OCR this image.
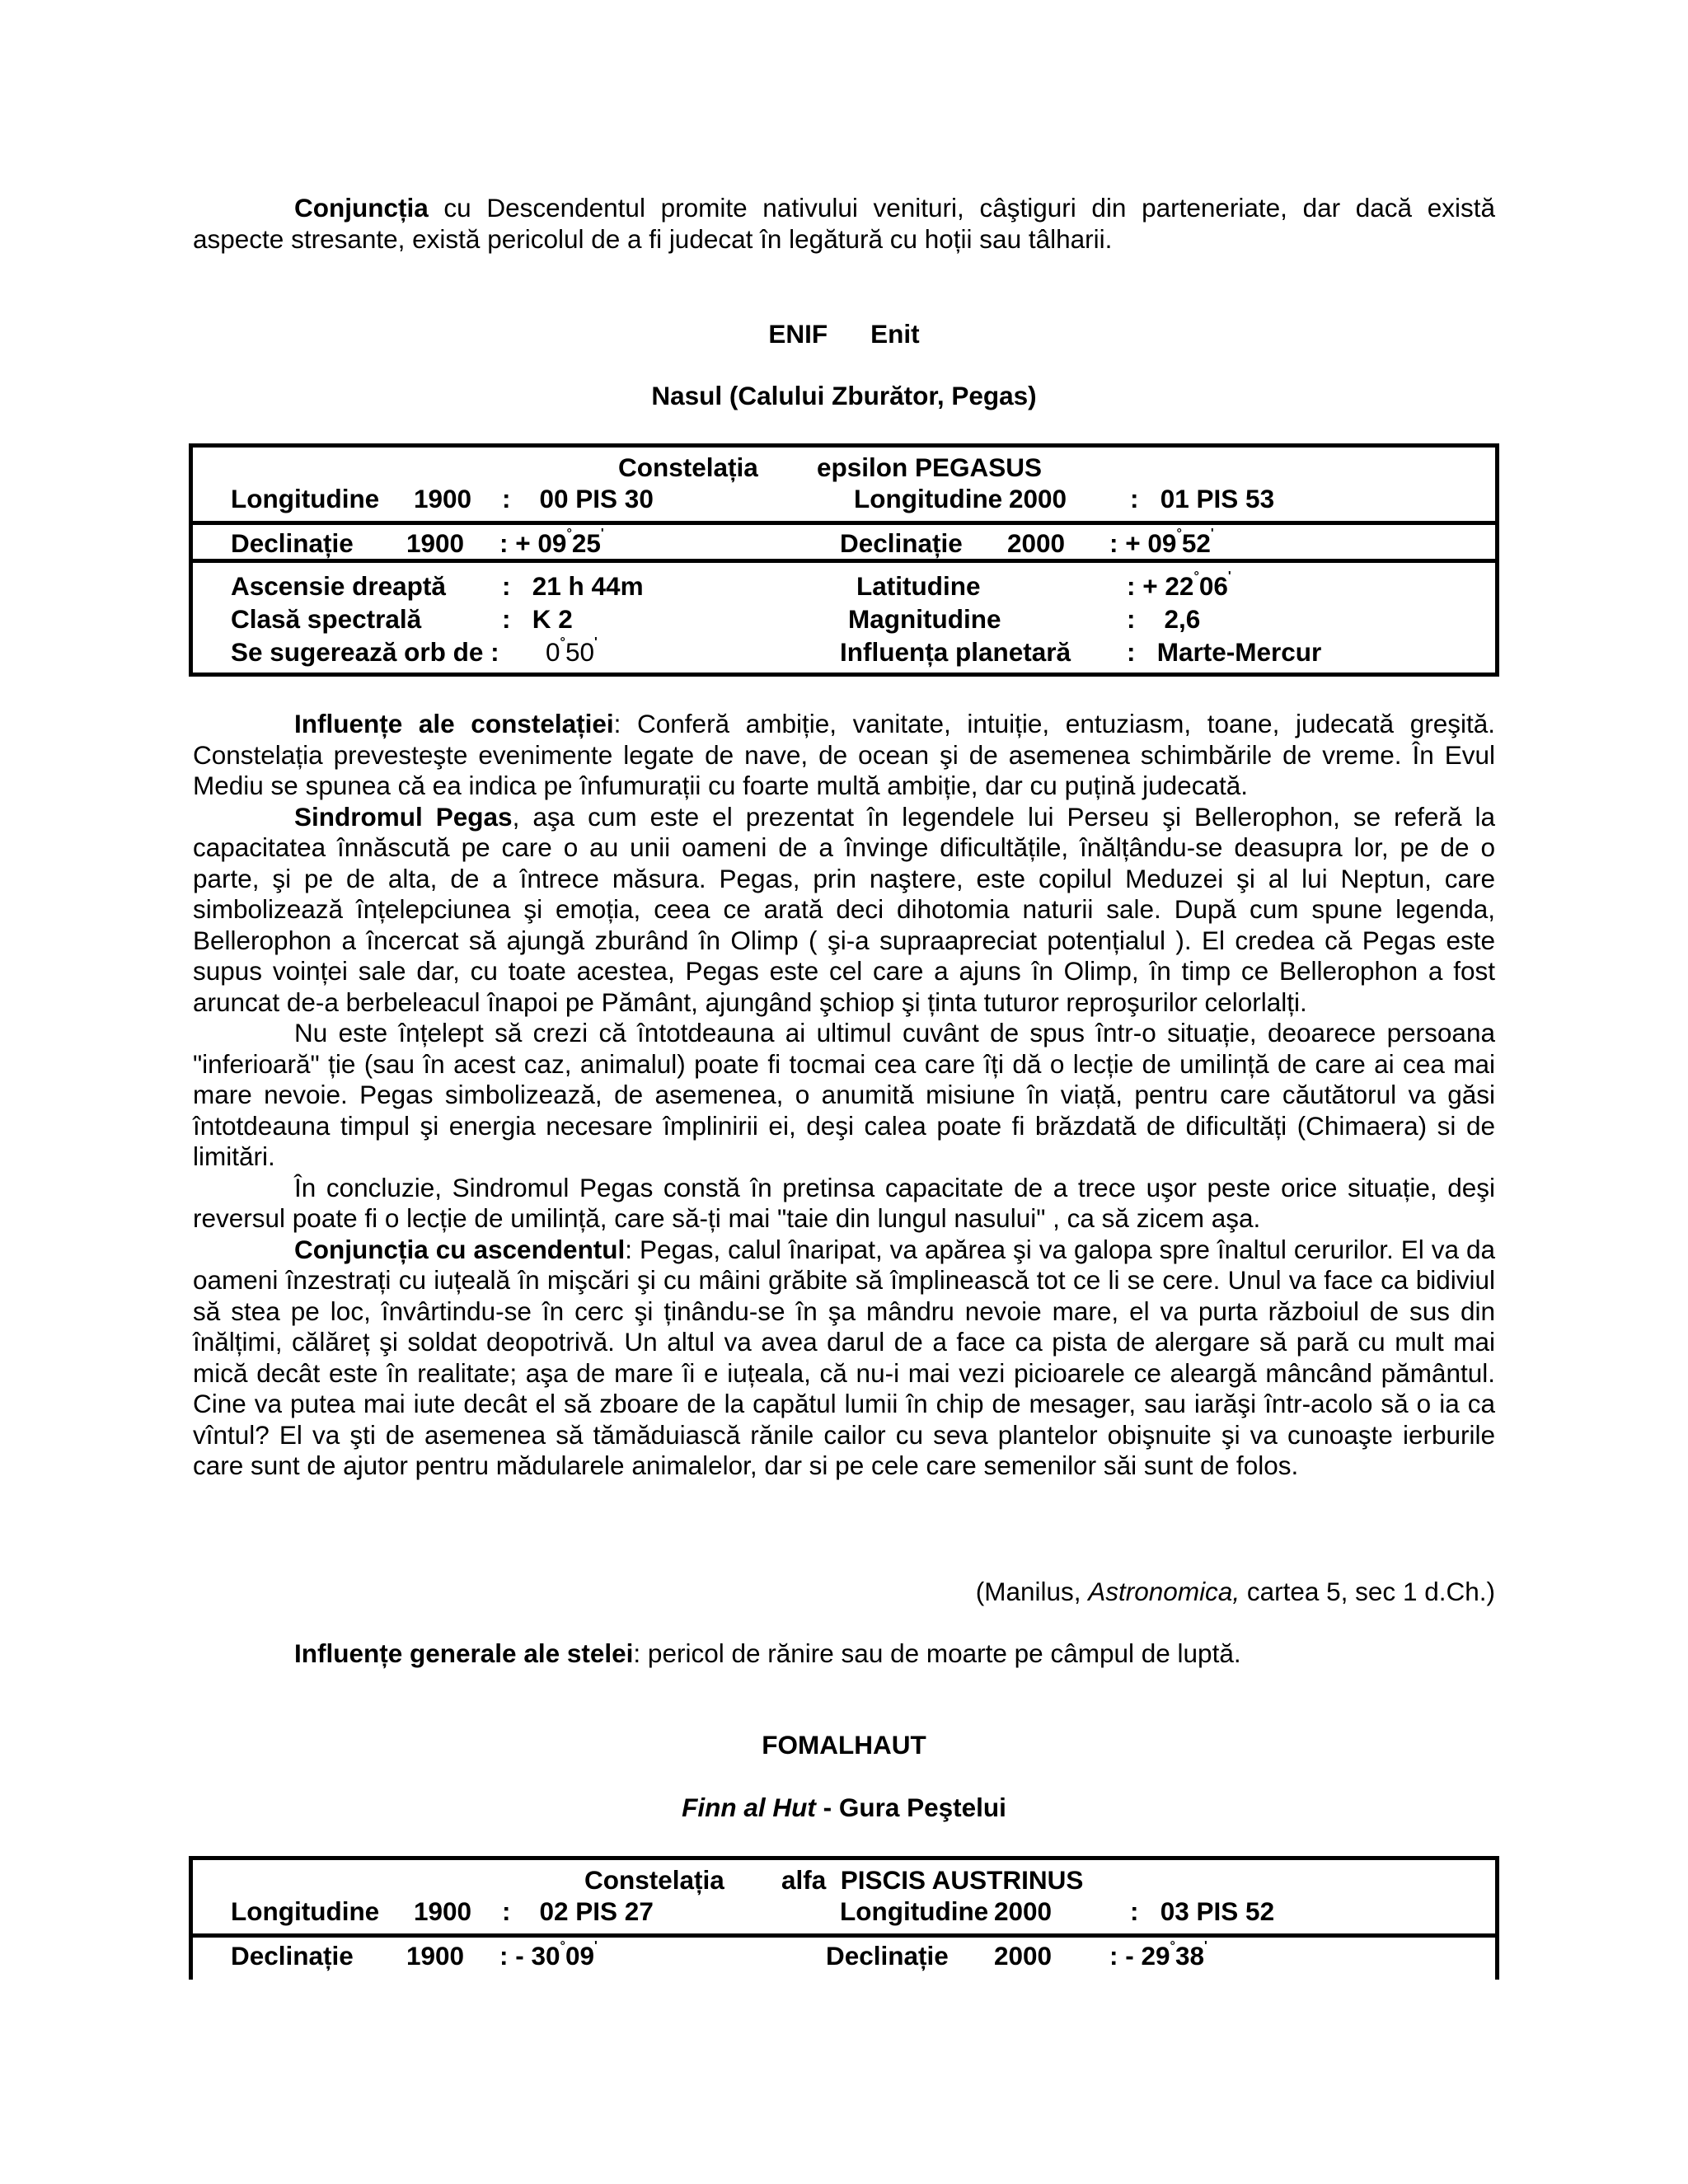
Conjuncția cu Descendentul promite nativului venituri, câştiguri din parteneriate, dar dacă există aspecte stresante, există pericolul de a fi judecat în legătură cu hoții sau tâlharii.

ENIF Enit
Nasul (Calului Zburător, Pegas)
Constelația epsilon PEGASUS
Longitudine 1900 :    00 PIS 30	Longitudine 2000 :   01 PIS 53
Declinație 1900 : + 09°25'	Declinație 2000 : + 09°52'
Ascensie dreaptă :   21 h 44m	Latitudine	: + 22°06'
Clasă spectrală	:   K 2	Magnitudine	:    2,6
Se sugerează orb de : 0°50'	Influența planetară :   Marte-Mercur

Influențe ale constelației: Conferă ambiție, vanitate, intuiție, entuziasm, toane, judecată greşită. Constelația prevesteşte evenimente legate de nave, de ocean şi de asemenea schimbările de vreme. În Evul Mediu se spunea că ea indica pe înfumurații cu foarte multă ambiție, dar cu puțină judecată.

Sindromul Pegas, aşa cum este el prezentat în legendele lui Perseu şi Bellerophon, se referă la capacitatea înnăscută pe care o au unii oameni de a învinge dificultățile, înălțându-se deasupra lor, pe de o parte, şi pe de alta, de a întrece măsura. Pegas, prin naştere, este copilul Meduzei şi al lui Neptun, care simbolizează înțelepciunea şi emoția, ceea ce arată deci dihotomia naturii sale. După cum spune legenda, Bellerophon a încercat să ajungă zburând în Olimp ( şi-a supraapreciat potențialul ). El credea că Pegas este supus voinței sale dar, cu toate acestea, Pegas este cel care a ajuns în Olimp, în timp ce Bellerophon a fost aruncat de-a berbeleacul înapoi pe Pământ, ajungând şchiop şi ținta tuturor reproşurilor celorlalți.

Nu este înțelept să crezi că întotdeauna ai ultimul cuvânt de spus într-o situație, deoarece persoana "inferioară" ție (sau în acest caz, animalul) poate fi tocmai cea care îți dă o lecție de umilință de care ai cea mai mare nevoie. Pegas simbolizează, de asemenea, o anumită misiune în viață, pentru care căutătorul va găsi întotdeauna timpul şi energia necesare împlinirii ei, deşi calea poate fi brăzdată de dificultăți (Chimaera) si de limitări.

În concluzie, Sindromul Pegas constă în pretinsa capacitate de a trece uşor peste orice situație, deşi reversul poate fi o lecție de umilință, care să-ți mai "taie din lungul nasului" , ca să zicem aşa.

Conjuncția cu ascendentul: Pegas, calul înaripat, va apărea şi va galopa spre înaltul cerurilor. El va da oameni înzestrați cu iuțeală în mişcări şi cu mâini grăbite să împlinească tot ce li se cere. Unul va face ca bidiviul să stea pe loc, învârtindu-se în cerc şi ținându-se în şa mândru nevoie mare, el va purta războiul de sus din înălțimi, călăreț şi soldat deopotrivă. Un altul va avea darul de a face ca pista de alergare să pară cu mult mai mică decât este în realitate; aşa de mare îi e iuțeala, că nu-i mai vezi picioarele ce aleargă mâncând pământul. Cine va putea mai iute decât el să zboare de la capătul lumii în chip de mesager, sau iarăşi într-acolo să o ia ca vîntul? El va şti de asemenea să tămăduiască rănile cailor cu seva plantelor obişnuite şi va cunoaşte ierburile care sunt de ajutor pentru mădularele animalelor, dar si pe cele care semenilor săi sunt de folos.

(Manilus, Astronomica, cartea 5, sec 1 d.Ch.)

Influențe generale ale stelei: pericol de rănire sau de moarte pe câmpul de luptă.

FOMALHAUT
Finn al Hut - Gura Peştelui
Constelația alfa  PISCIS AUSTRINUS
Longitudine 1900 :    02 PIS 27	Longitudine 2000	:   03 PIS 52
Declinație 1900 : - 30°09'	Declinație 2000 : - 29°38'
